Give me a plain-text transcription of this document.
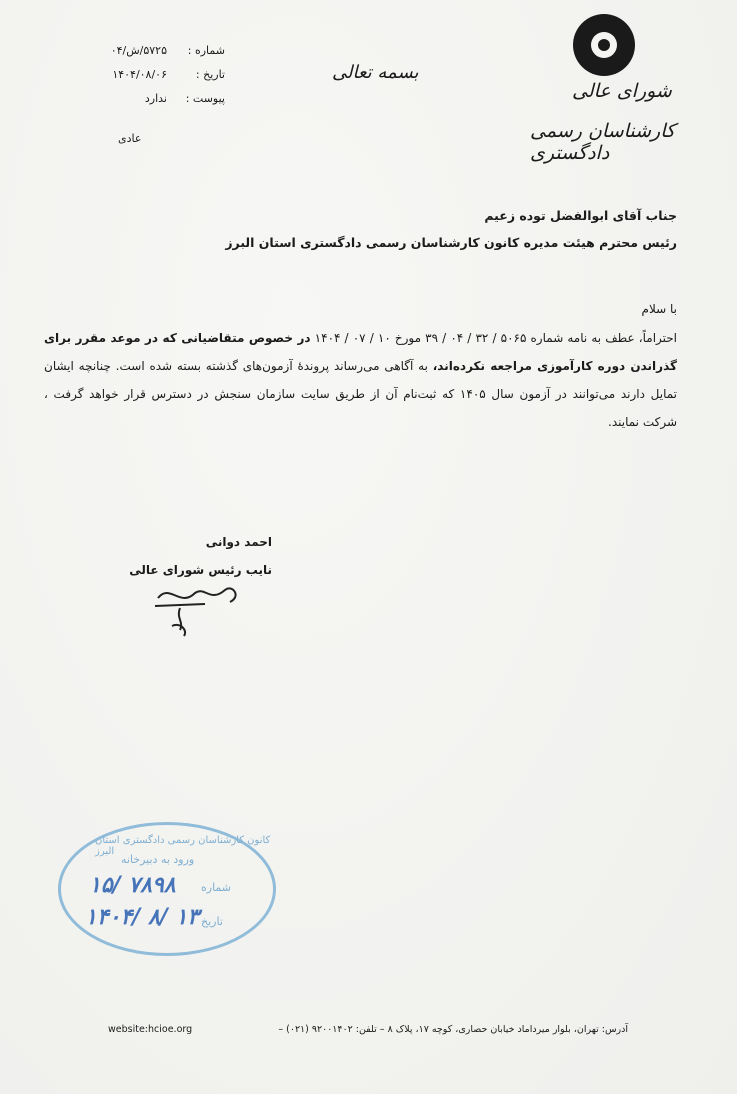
شماره :
۵۷۲۵/ش/۰۴
تاریخ :
۱۴۰۴/۰۸/۰۶
پیوست :
ندارد
عادی
بسمه تعالی
شورای عالی
کارشناسان رسمی دادگستری
جناب آقای ابوالفضل توده زعیم
رئیس محترم هیئت مدیره کانون کارشناسان رسمی دادگستری استان البرز
با سلام
احتراماً، عطف به نامه شماره ۵۰۶۵ / ۳۲ / ۰۴ / ۳۹ مورخ ۱۰ / ۰۷ / ۱۴۰۴ در خصوص متقاضیانی که در موعد مقرر برای گذراندن دوره کارآموزی مراجعه نکرده‌اند، به آگاهی می‌رساند پروندهٔ آزمون‌های گذشته بسته شده است. چنانچه ایشان تمایل دارند می‌توانند در آزمون سال ۱۴۰۵ که ثبت‌نام آن از طریق سایت سازمان سنجش در دسترس قرار خواهد گرفت ، شرکت نمایند.
احمد دوانی
نایب رئیس شورای عالی
کانون کارشناسان رسمی دادگستری استان البرز
ورود به دبیرخانه
شماره
۱۵/ ۷۸۹۸
تاریخ
۱۴۰۴/ ۸/ ۱۳
website:hcioe.org	آدرس: تهران، بلوار میرداماد خیابان حصاری، کوچه ۱۷، پلاک ۸ – تلفن: ۹۲۰۰۱۴۰۲ (۰۲۱) –
